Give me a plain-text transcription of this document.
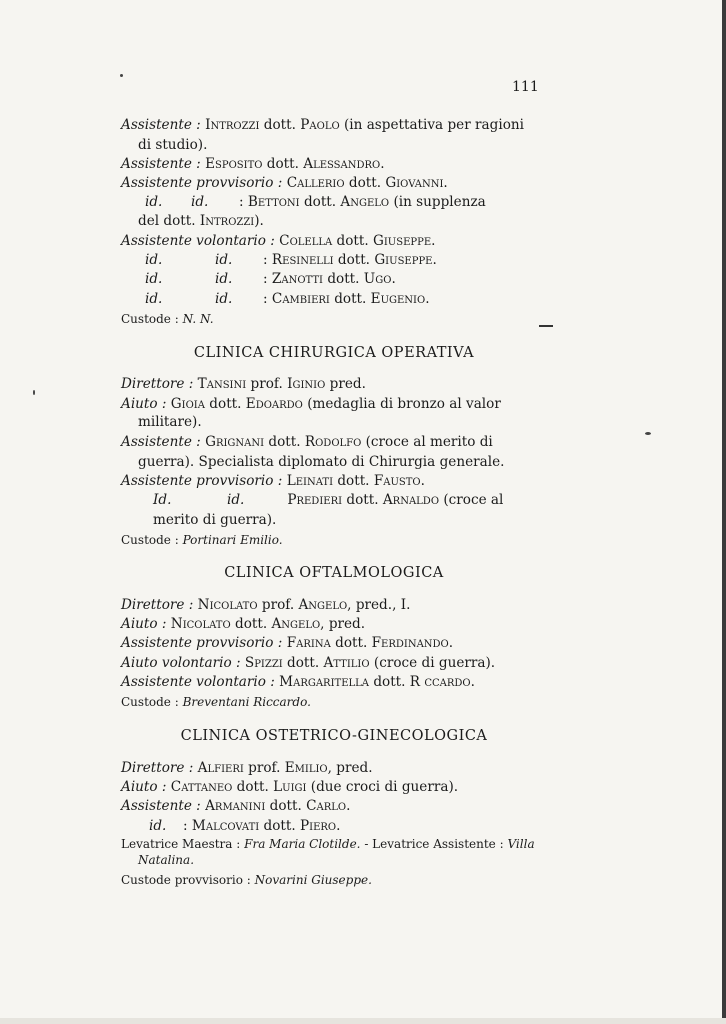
111
Assistente : Introzzi dott. Paolo (in aspettativa per ragioni
di studio).
Assistente : Esposito dott. Alessandro.
Assistente provvisorio : Callerio dott. Giovanni.
id. id. : Bettoni dott. Angelo (in supplenza
del dott. Introzzi).
Assistente volontario : Colella dott. Giuseppe.
id.	id. : Resinelli dott. Giuseppe.
id.	id. : Zanotti dott. Ugo.
id.	id. : Cambieri dott. Eugenio.
Custode : N. N.
CLINICA CHIRURGICA OPERATIVA
Direttore : Tansini prof. Iginio pred.
Aiuto : Gioia dott. Edoardo (medaglia di bronzo al valor
militare).
Assistente : Grignani dott. Rodolfo (croce al merito di
guerra). Specialista diplomato di Chirurgia generale.
Assistente provvisorio : Leinati dott. Fausto.
Id.	id.	Predieri dott. Arnaldo (croce al
merito di guerra).
Custode : Portinari Emilio.
CLINICA OFTALMOLOGICA
Direttore : Nicolato prof. Angelo, pred., I.
Aiuto : Nicolato dott. Angelo, pred.
Assistente provvisorio : Farina dott. Ferdinando.
Aiuto volontario : Spizzi dott. Attilio (croce di guerra).
Assistente volontario : Margaritella dott. R ccardo.
Custode : Breventani Riccardo.
CLINICA OSTETRICO-GINECOLOGICA
Direttore : Alfieri prof. Emilio, pred.
Aiuto : Cattaneo dott. Luigi (due croci di guerra).
Assistente : Armanini dott. Carlo.
id. : Malcovati dott. Piero.
Levatrice Maestra : Fra Maria Clotilde. - Levatrice Assistente : Villa
Natalina.
Custode provvisorio : Novarini Giuseppe.
